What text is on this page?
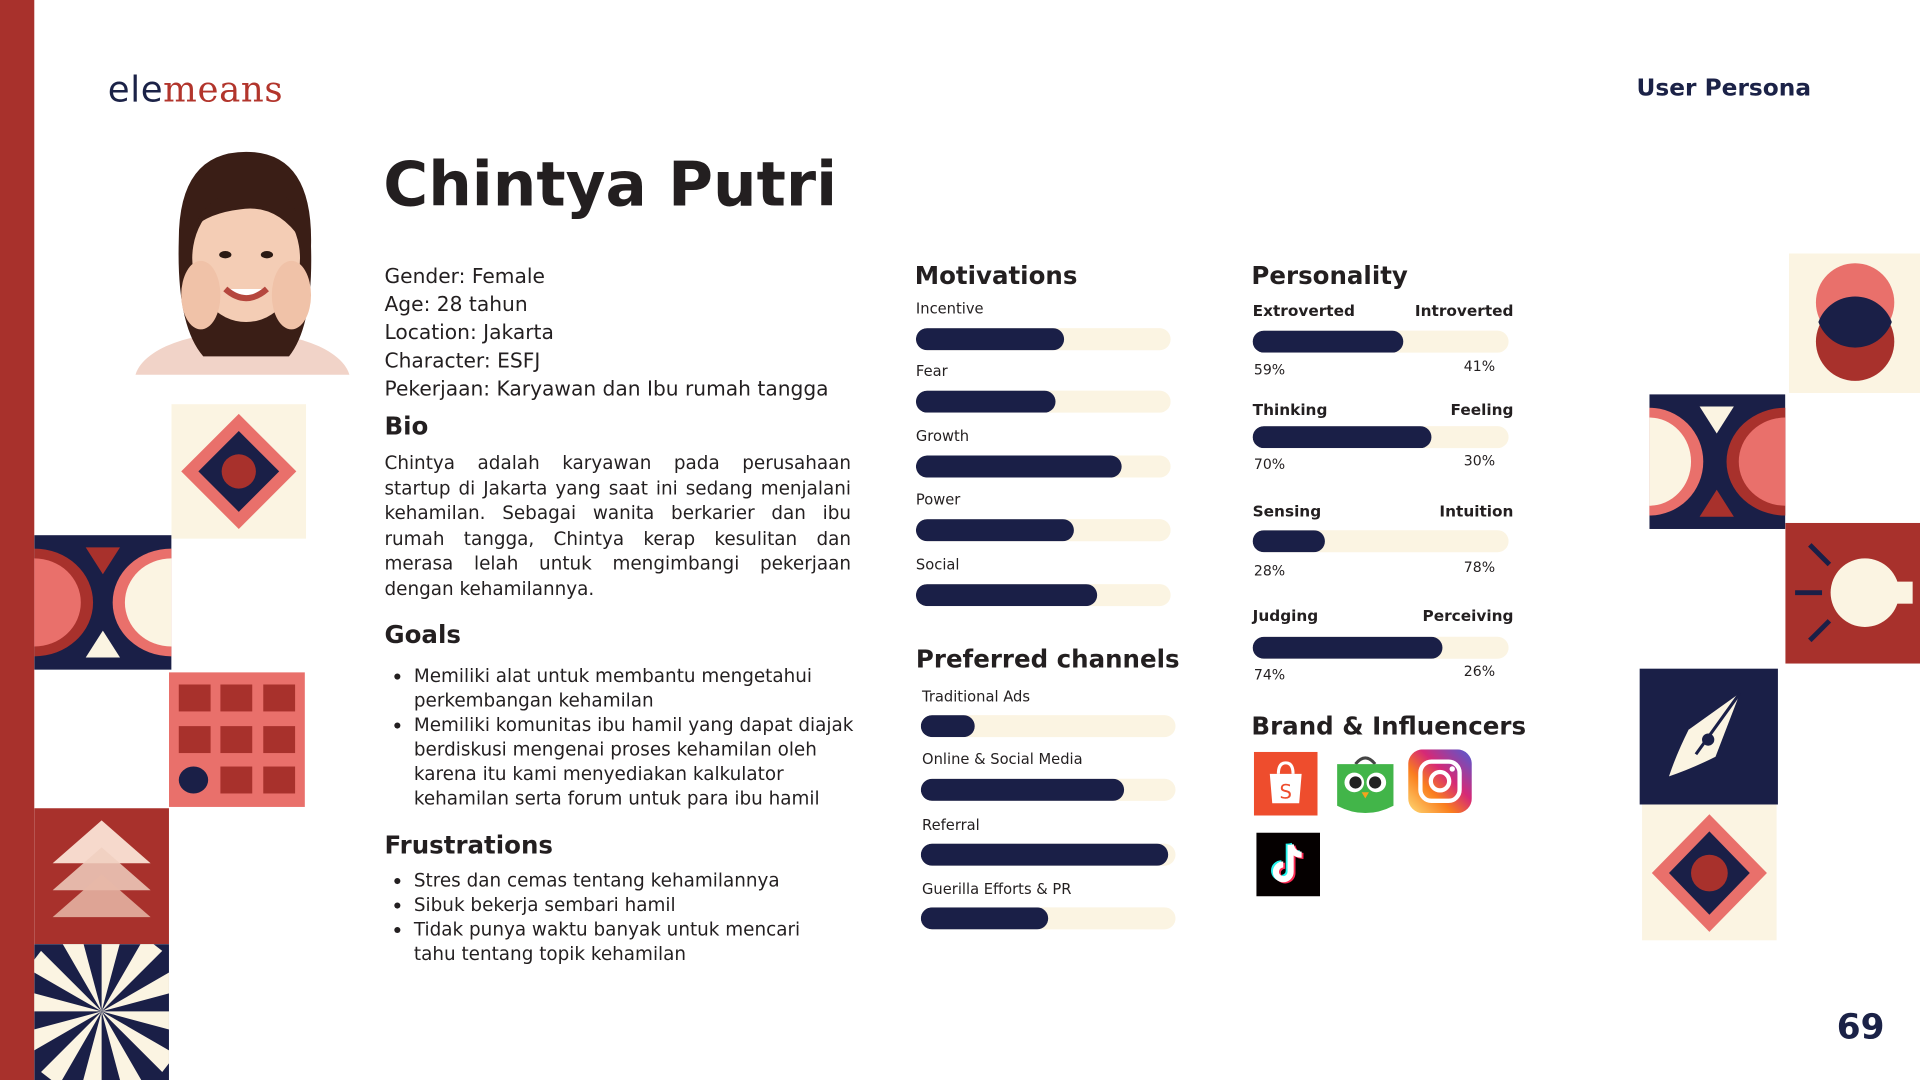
elemeans	User Persona
69
Chintya Putri
Gender: Female
Age: 28 tahun
Location: Jakarta
Character: ESFJ
Pekerjaan: Karyawan dan Ibu rumah tangga
Bio
Chintya adalah karyawan pada perusahaan startup di Jakarta yang saat ini sedang menjalani kehamilan. Sebagai wanita berkarier dan ibu rumah tangga, Chintya kerap kesulitan dan merasa lelah untuk mengimbangi pekerjaan dengan kehamilannya.
Goals
• Memiliki alat untuk membantu mengetahui perkembangan kehamilan
• Memiliki komunitas ibu hamil yang dapat diajak berdiskusi mengenai proses kehamilan oleh karena itu kami menyediakan kalkulator kehamilan serta forum untuk para ibu hamil
Frustrations
• Stres dan cemas tentang kehamilannya
• Sibuk bekerja sembari hamil
• Tidak punya waktu banyak untuk mencari tahu tentang topik kehamilan
Motivations
Preferred channels
Personality
Brand & Influencers
S
Incentive
Fear
Growth
Power
Social
Traditional Ads
Online & Social Media
Referral
Guerilla Efforts & PR
Extroverted	Introverted
59%	41%
Thinking	Feeling
70%	30%
Sensing	Intuition
28%	78%
Judging	Perceiving
74%	26%
